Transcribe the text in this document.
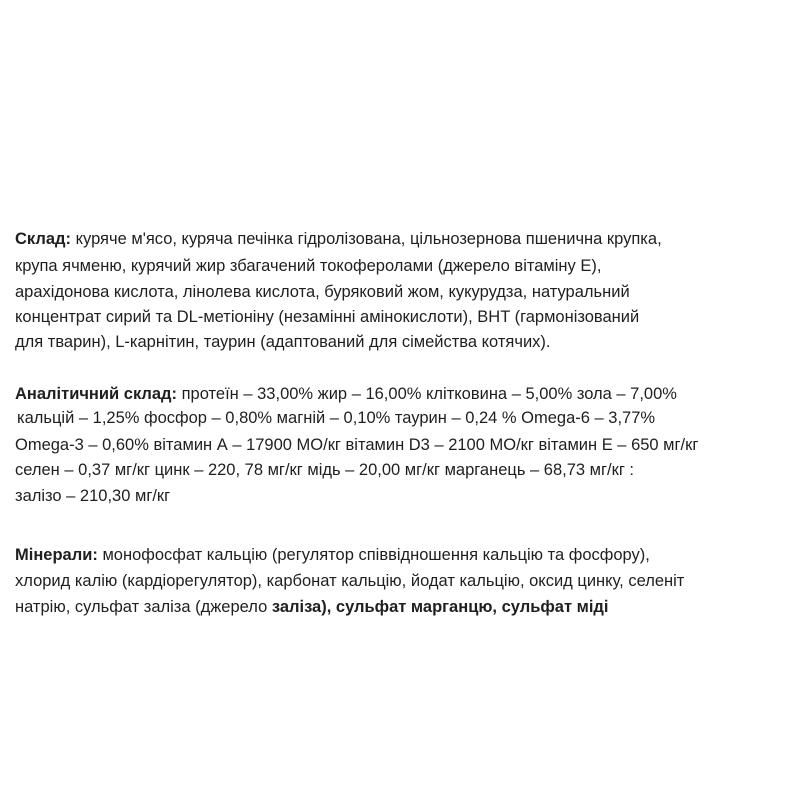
Склад: куряче м'ясо, куряча печінка гідролізована, цільнозернова пшенична крупка,
крупа ячменю, курячий жир збагачений токоферолами (джерело вітаміну Е),
арахідонова кислота, лінолева кислота, буряковий жом, кукурудза, натуральний
концентрат сирий та DL-метіоніну (незамінні амінокислоти), BHT (гармонізований
для тварин), L-карнітин, таурин (адаптований для сімейства котячих).
Аналітичний склад: протеїн – 33,00% жир – 16,00% клітковина – 5,00% зола – 7,00%
кальцій – 1,25% фосфор – 0,80% магній – 0,10% таурин – 0,24 % Omega-6 – 3,77%
Omega-3 – 0,60% вітамин А – 17900 МО/кг вітамин D3 – 2100 МО/кг вітамин Е – 650 мг/кг
селен – 0,37 мг/кг цинк – 220, 78 мг/кг мідь – 20,00 мг/кг марганець – 68,73 мг/кг :
залізо – 210,30 мг/кг
Мінерали: монофосфат кальцію (регулятор співвідношення кальцію та фосфору),
хлорид калію (кардіорегулятор), карбонат кальцію, йодат кальцію, оксид цинку, селеніт
натрію, сульфат заліза (джерело заліза), сульфат марганцю, сульфат міді
